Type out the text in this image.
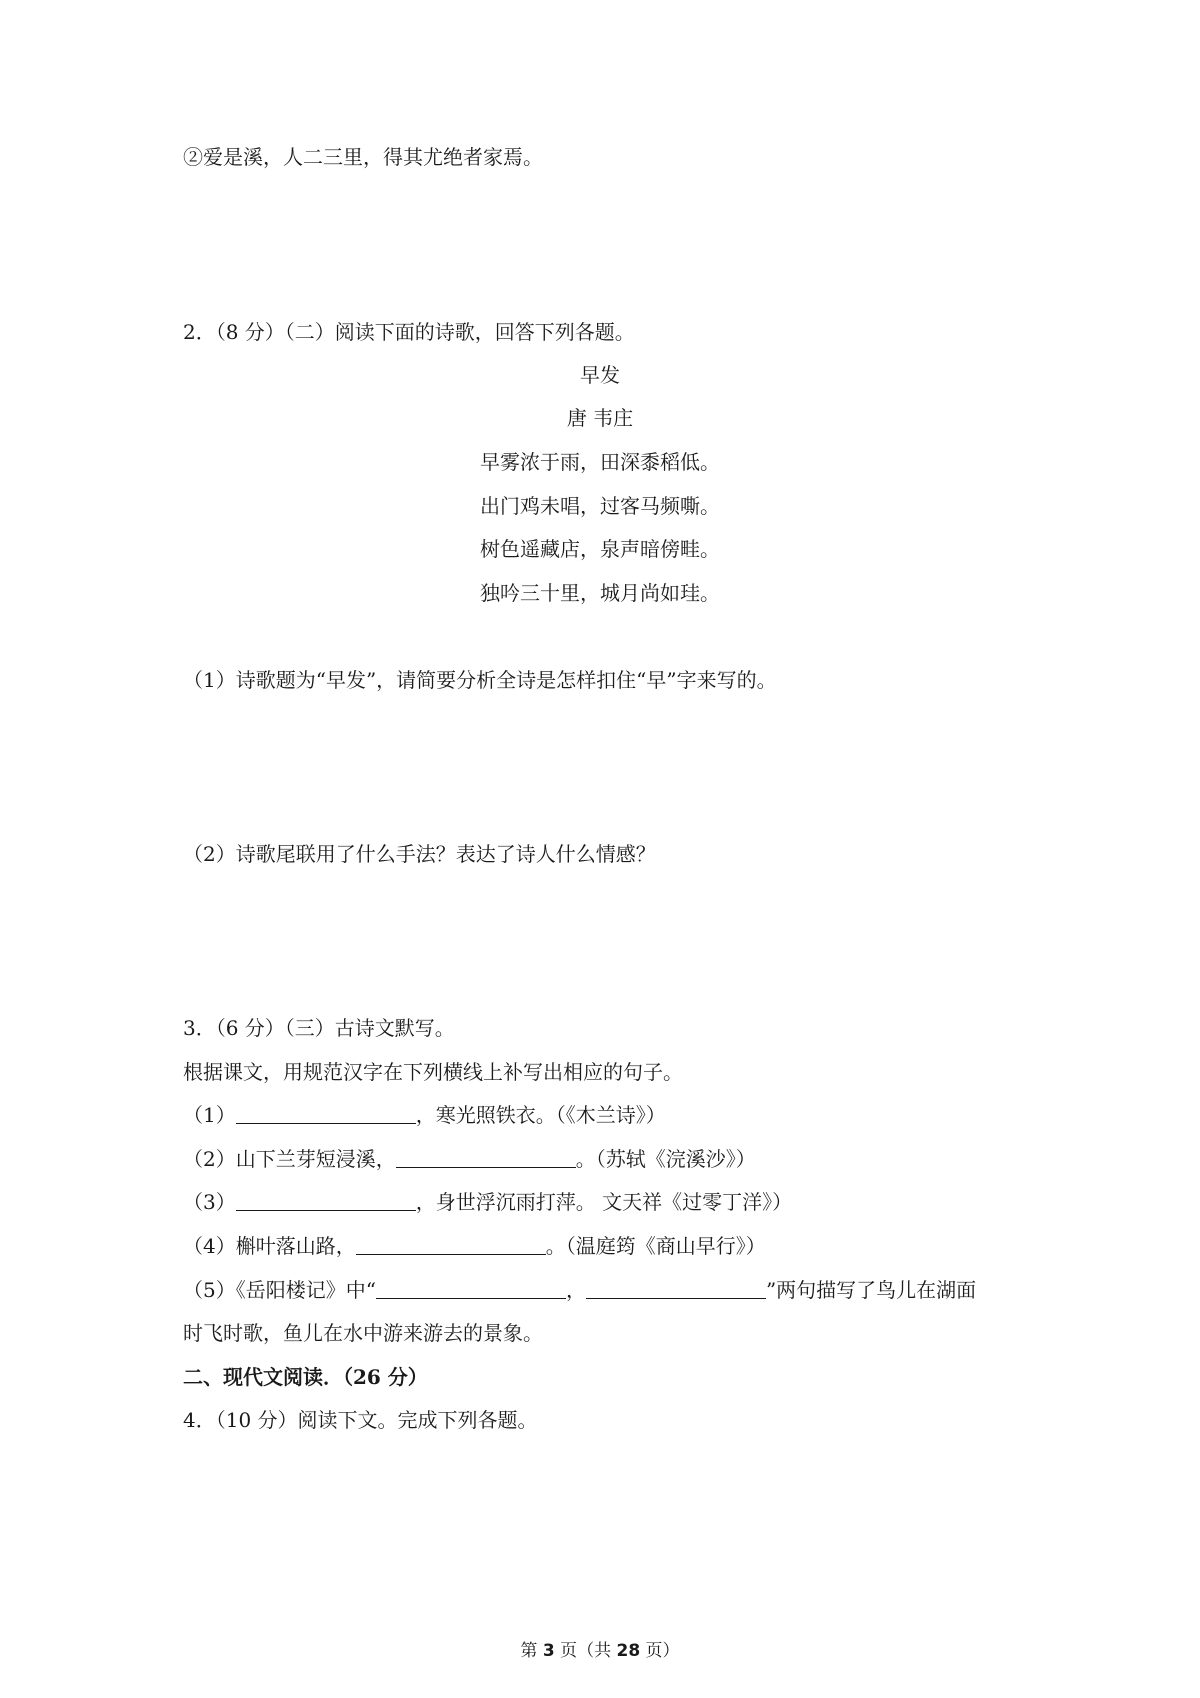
②爱是溪，人二三里，得其尤绝者家焉。
2．（8 分）（二）阅读下面的诗歌，回答下列各题。
早发
唐 韦庄
早雾浓于雨，田深黍稻低。
出门鸡未唱，过客马频嘶。
树色遥藏店，泉声暗傍畦。
独吟三十里，城月尚如珪。
（1）诗歌题为“早发”，请简要分析全诗是怎样扣住“早”字来写的。
（2）诗歌尾联用了什么手法？表达了诗人什么情感？
3．（6 分）（三）古诗文默写。
根据课文，用规范汉字在下列横线上补写出相应的句子。
（1）	，寒光照铁衣。（《木兰诗》）
（2）山下兰芽短浸溪，	。（苏轼《浣溪沙》）
（3）	，身世浮沉雨打萍。 文天祥《过零丁洋》）
（4）槲叶落山路，	。（温庭筠《商山早行》）
（5）《岳阳楼记》中“	，	”两句描写了鸟儿在湖面
时飞时歌，鱼儿在水中游来游去的景象。
二、现代文阅读．（26 分）
4．（10 分）阅读下文。完成下列各题。
第 3 页（共 28 页）
